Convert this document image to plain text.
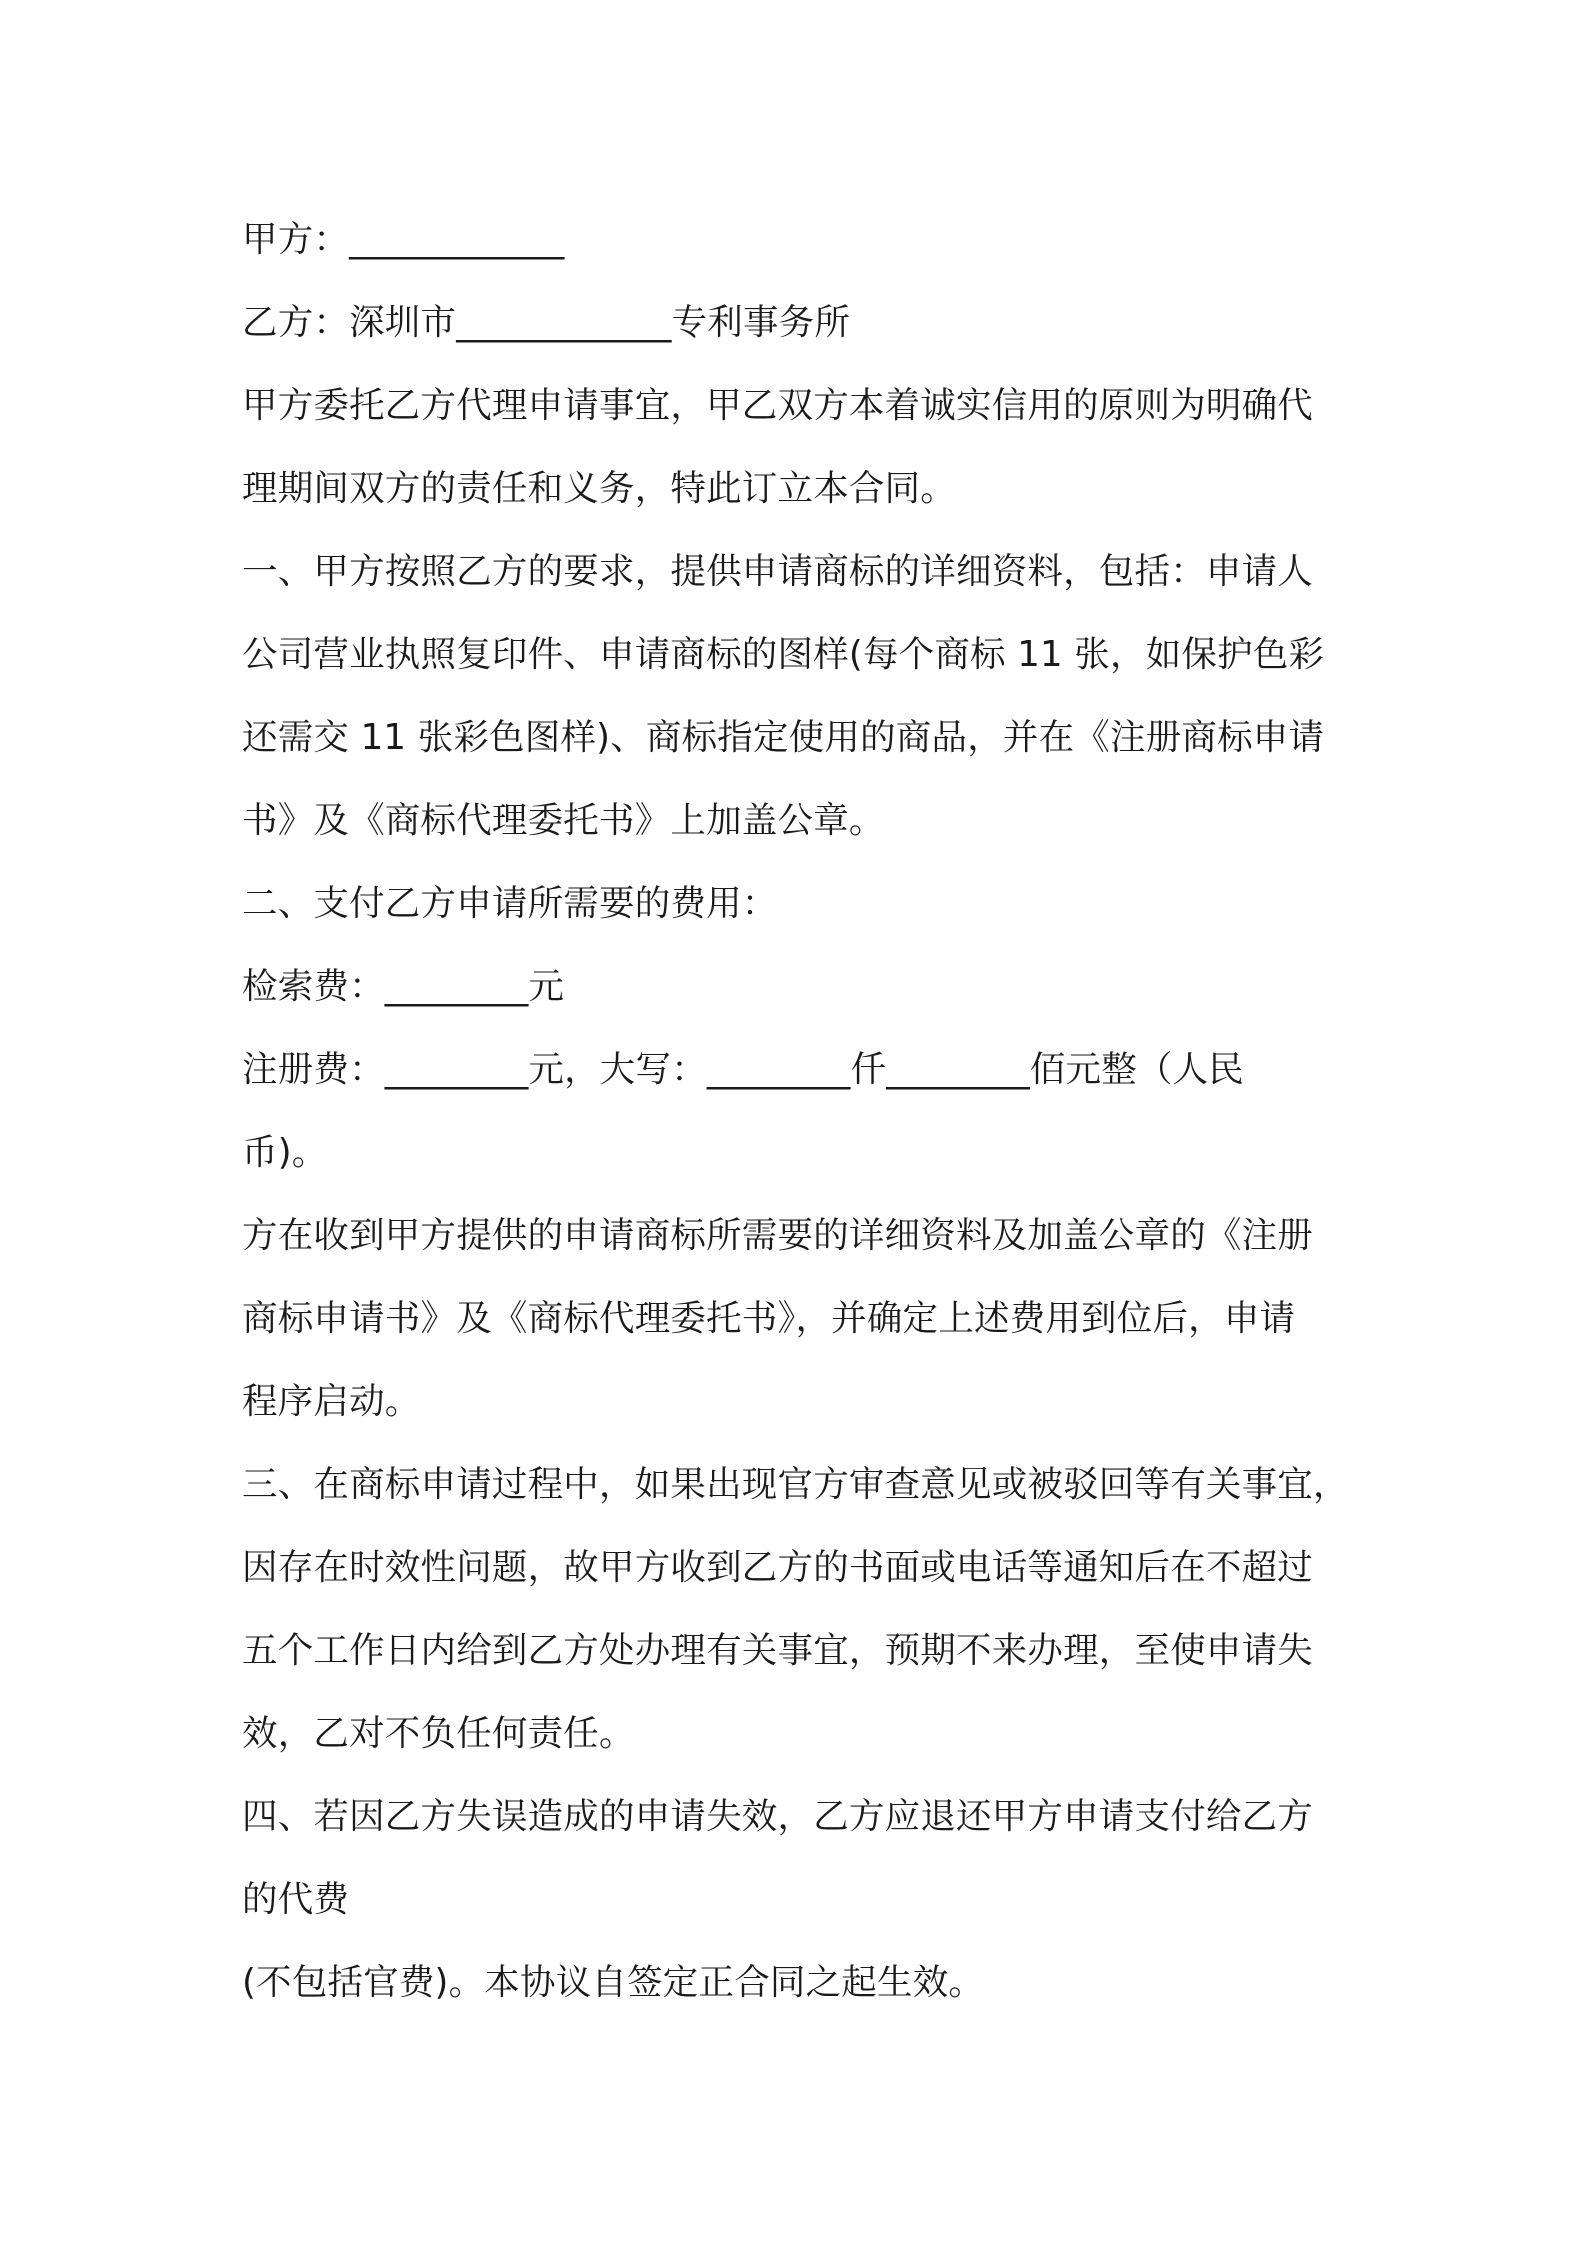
甲方：____________
乙方：深圳市____________专利事务所
甲方委托乙方代理申请事宜，甲乙双方本着诚实信用的原则为明确代
理期间双方的责任和义务，特此订立本合同。
一、甲方按照乙方的要求，提供申请商标的详细资料，包括：申请人
公司营业执照复印件、申请商标的图样(每个商标 11 张，如保护色彩
还需交 11 张彩色图样)、商标指定使用的商品，并在《注册商标申请
书》及《商标代理委托书》上加盖公章。
二、支付乙方申请所需要的费用：
检索费：________元
注册费：________元，大写：________仟________佰元整（人民
币)。
方在收到甲方提供的申请商标所需要的详细资料及加盖公章的《注册
商标申请书》及《商标代理委托书》，并确定上述费用到位后，申请
程序启动。
三、在商标申请过程中，如果出现官方审查意见或被驳回等有关事宜，
因存在时效性问题，故甲方收到乙方的书面或电话等通知后在不超过
五个工作日内给到乙方处办理有关事宜，预期不来办理，至使申请失
效，乙对不负任何责任。
四、若因乙方失误造成的申请失效，乙方应退还甲方申请支付给乙方
的代费
(不包括官费)。本协议自签定正合同之起生效。
